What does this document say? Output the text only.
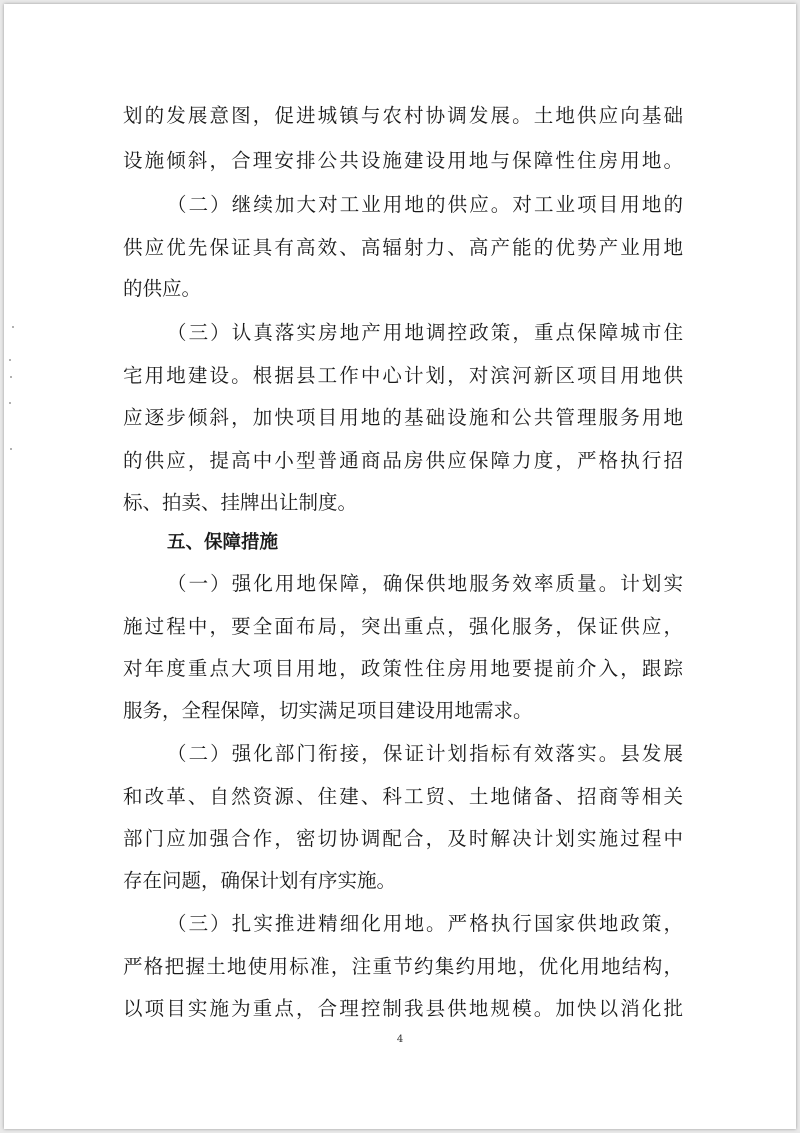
划的发展意图，促进城镇与农村协调发展。土地供应向基础
设施倾斜，合理安排公共设施建设用地与保障性住房用地。
（二）继续加大对工业用地的供应。对工业项目用地的
供应优先保证具有高效、高辐射力、高产能的优势产业用地
的供应。
（三）认真落实房地产用地调控政策，重点保障城市住
宅用地建设。根据县工作中心计划，对滨河新区项目用地供
应逐步倾斜，加快项目用地的基础设施和公共管理服务用地
的供应，提高中小型普通商品房供应保障力度，严格执行招
标、拍卖、挂牌出让制度。
五、保障措施
（一）强化用地保障，确保供地服务效率质量。计划实
施过程中，要全面布局，突出重点，强化服务，保证供应，
对年度重点大项目用地，政策性住房用地要提前介入，跟踪
服务，全程保障，切实满足项目建设用地需求。
（二）强化部门衔接，保证计划指标有效落实。县发展
和改革、自然资源、住建、科工贸、土地储备、招商等相关
部门应加强合作，密切协调配合，及时解决计划实施过程中
存在问题，确保计划有序实施。
（三）扎实推进精细化用地。严格执行国家供地政策，
严格把握土地使用标准，注重节约集约用地，优化用地结构，
以项目实施为重点，合理控制我县供地规模。加快以消化批
4
